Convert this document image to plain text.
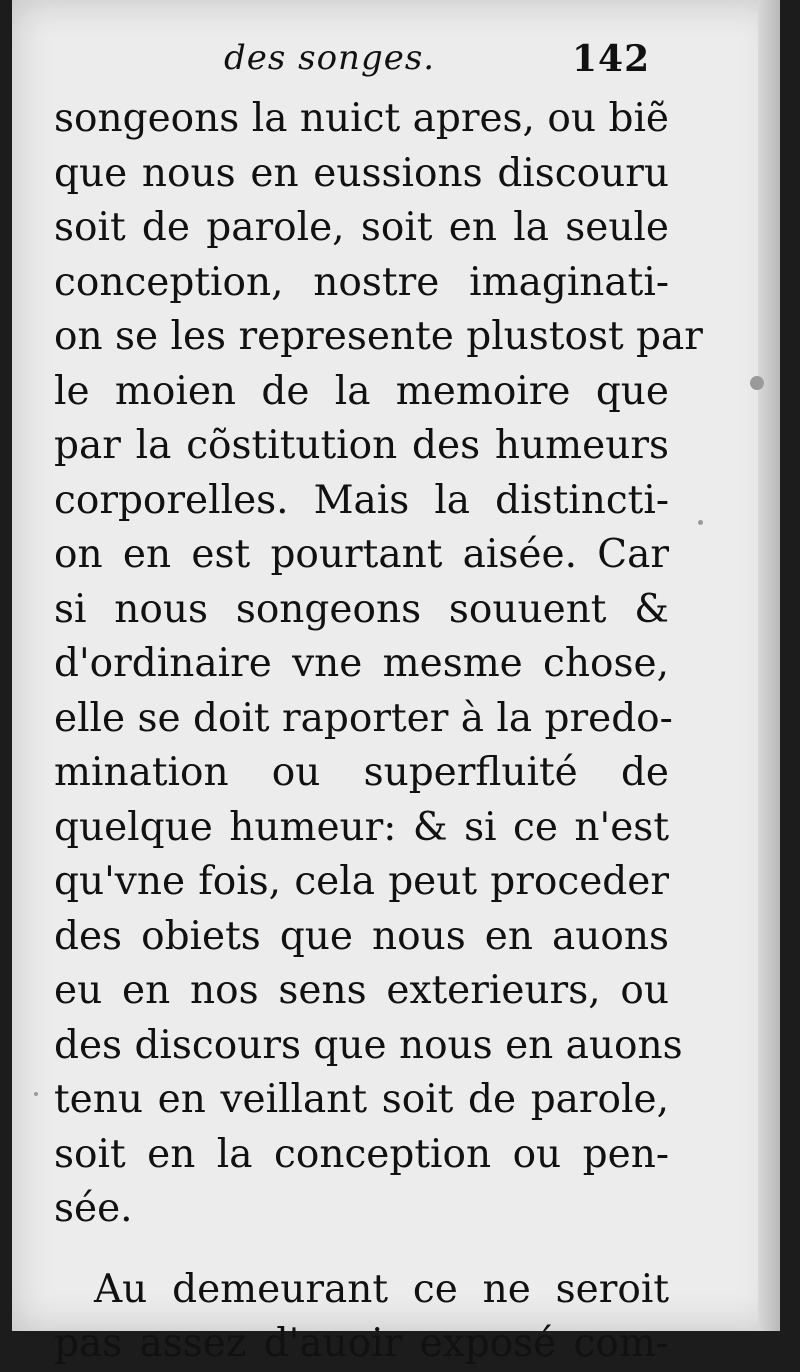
des songes.	142
songeons la nuict apres, ou biẽ
que nous en eussions discouru
soit de parole, soit en la seule
conception, nostre imaginati-
on se les represente plustost par
le moien de la memoire que
par la cõstitution des humeurs
corporelles. Mais la distincti-
on en est pourtant aisée. Car
si nous songeons souuent &
d'ordinaire vne mesme chose,
elle se doit raporter à la predo-
mination ou superfluité de
quelque humeur: & si ce n'est
qu'vne fois, cela peut proceder
des obiets que nous en auons
eu en nos sens exterieurs, ou
des discours que nous en auons
tenu en veillant soit de parole,
soit en la conception ou pen-
sée.
Au demeurant ce ne seroit
pas assez d'auoir exposé com-
